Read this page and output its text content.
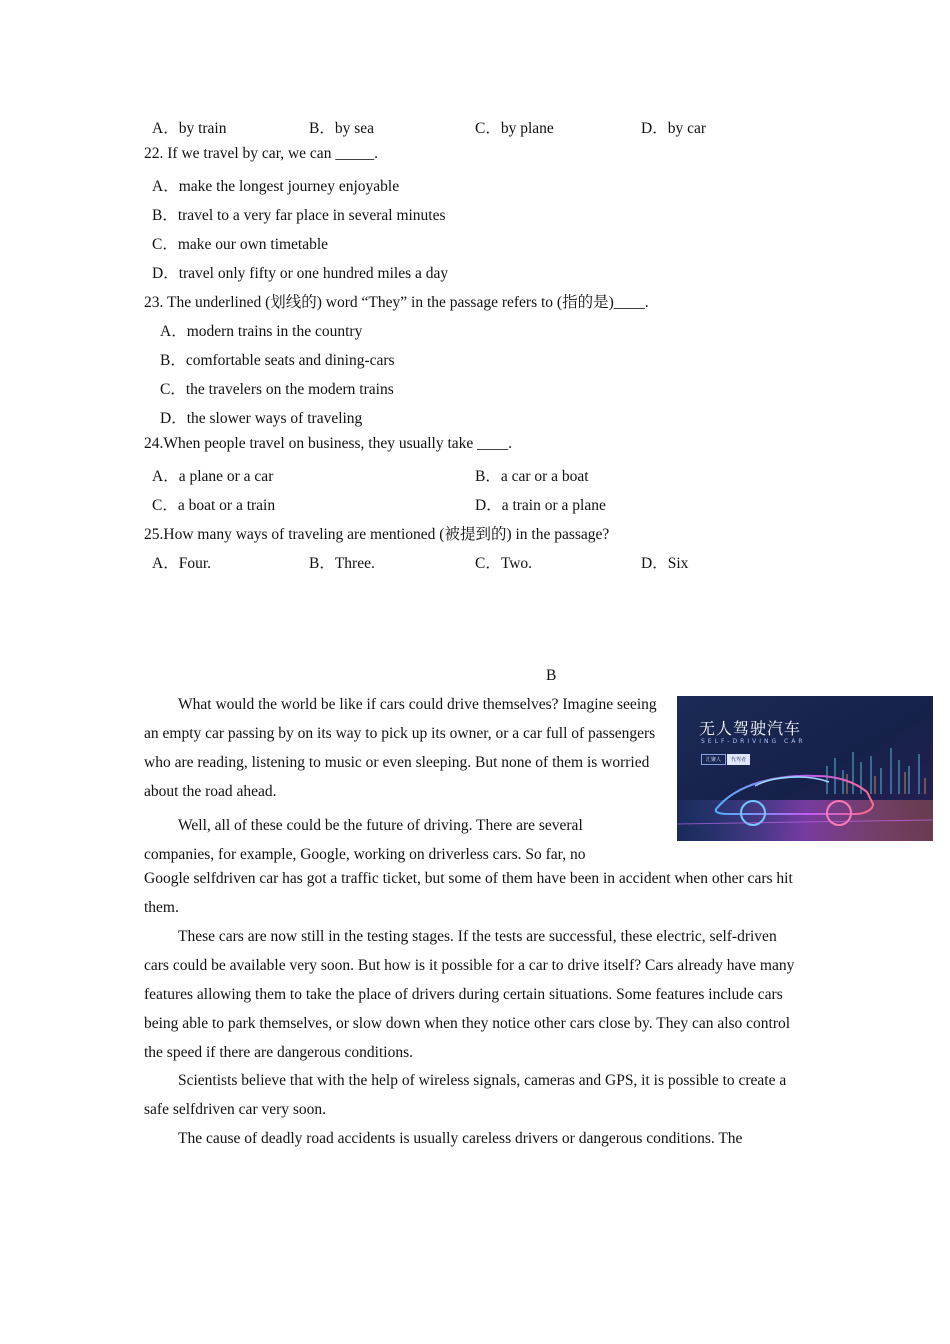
A．by train	B．by sea	C．by plane	D．by car
22. If we travel by car, we can _____.
A．make the longest journey enjoyable
B．travel to a very far place in several minutes
C．make our own timetable
D．travel only fifty or one hundred miles a day
23. The underlined (划线的) word “They” in the passage refers to (指的是)____.
A．modern trains in the country
B．comfortable seats and dining-cars
C．the travelers on the modern trains
D．the slower ways of traveling
24.When people travel on business, they usually take ____.
A．a plane or a car	B．a car or a boat
C．a boat or a train	D．a train or a plane
25.How many ways of traveling are mentioned (被提到的) in the passage?
A．Four.	B．Three.	C．Two.	D．Six
B
无人驾驶汽车
SELF-DRIVING CAR
汇聚人	代驾者
What would the world be like if cars could drive themselves? Imagine seeing an empty car passing by on its way to pick up its owner, or a car full of passengers who are reading, listening to music or even sleeping. But none of them is worried about the road ahead.
Well, all of these could be the future of driving. There are several
companies, for example, Google, working on driverless cars. So far, no
Google selfdriven car has got a traffic ticket, but some of them have been in accident when other cars hit them.
These cars are now still in the testing stages. If the tests are successful, these electric, self-driven cars could be available very soon. But how is it possible for a car to drive itself? Cars already have many features allowing them to take the place of drivers during certain situations. Some features include cars being able to park themselves, or slow down when they notice other cars close by. They can also control the speed if there are dangerous conditions.
Scientists believe that with the help of wireless signals, cameras and GPS, it is possible to create a safe selfdriven car very soon.
The cause of deadly road accidents is usually careless drivers or dangerous conditions. The
